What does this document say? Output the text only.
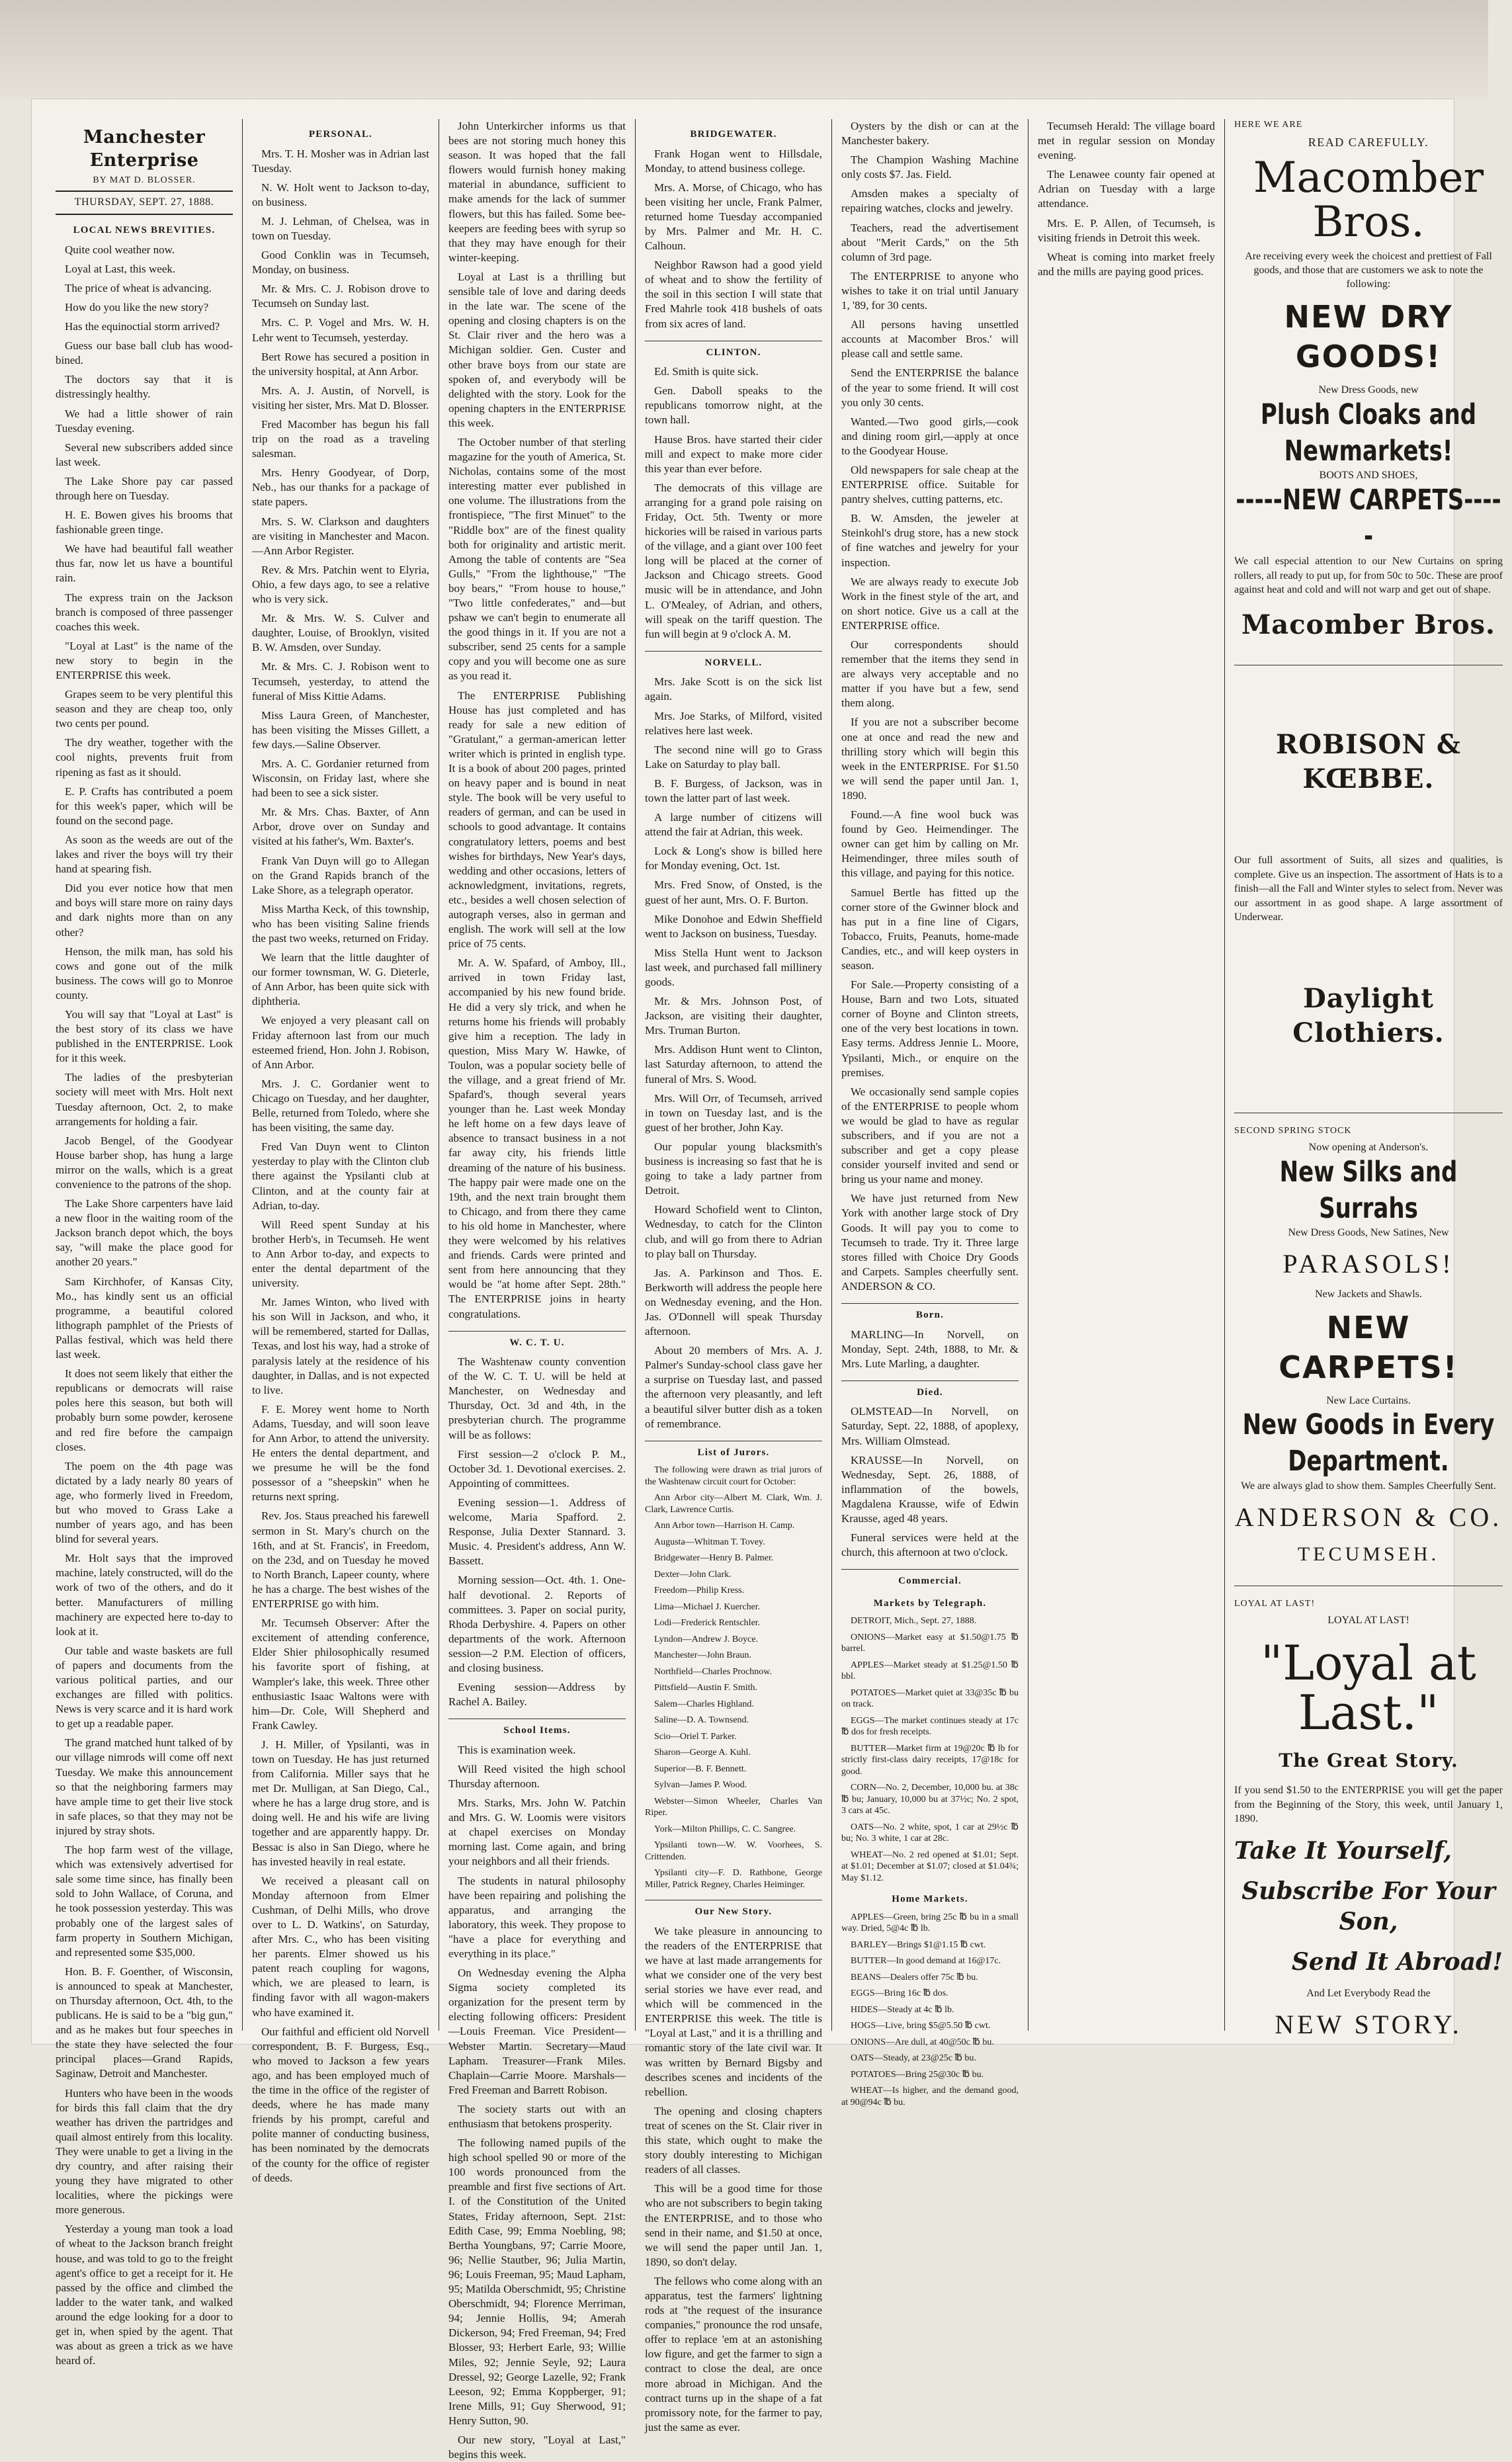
Manchester Enterprise
BY MAT D. BLOSSER.
THURSDAY, SEPT. 27, 1888.
LOCAL NEWS BREVITIES.

Quite cool weather now.

Loyal at Last, this week.

The price of wheat is advancing.

How do you like the new story?

Has the equinoctial storm arrived?

Guess our base ball club has wood-bined.

The doctors say that it is distressingly healthy.

We had a little shower of rain Tuesday evening.

Several new subscribers added since last week.

The Lake Shore pay car passed through here on Tuesday.

H. E. Bowen gives his brooms that fashionable green tinge.

We have had beautiful fall weather thus far, now let us have a bountiful rain.

The express train on the Jackson branch is composed of three passenger coaches this week.

"Loyal at Last" is the name of the new story to begin in the ENTERPRISE this week.

Grapes seem to be very plentiful this season and they are cheap too, only two cents per pound.

The dry weather, together with the cool nights, prevents fruit from ripening as fast as it should.

E. P. Crafts has contributed a poem for this week's paper, which will be found on the second page.

As soon as the weeds are out of the lakes and river the boys will try their hand at spearing fish.

Did you ever notice how that men and boys will stare more on rainy days and dark nights more than on any other?

Henson, the milk man, has sold his cows and gone out of the milk business. The cows will go to Monroe county.

You will say that "Loyal at Last" is the best story of its class we have published in the ENTERPRISE. Look for it this week.

The ladies of the presbyterian society will meet with Mrs. Holt next Tuesday afternoon, Oct. 2, to make arrangements for holding a fair.

Jacob Bengel, of the Goodyear House barber shop, has hung a large mirror on the walls, which is a great convenience to the patrons of the shop.

The Lake Shore carpenters have laid a new floor in the waiting room of the Jackson branch depot which, the boys say, "will make the place good for another 20 years."

Sam Kirchhofer, of Kansas City, Mo., has kindly sent us an official programme, a beautiful colored lithograph pamphlet of the Priests of Pallas festival, which was held there last week.

It does not seem likely that either the republicans or democrats will raise poles here this season, but both will probably burn some powder, kerosene and red fire before the campaign closes.

The poem on the 4th page was dictated by a lady nearly 80 years of age, who formerly lived in Freedom, but who moved to Grass Lake a number of years ago, and has been blind for several years.

Mr. Holt says that the improved machine, lately constructed, will do the work of two of the others, and do it better. Manufacturers of milling machinery are expected here to-day to look at it.

Our table and waste baskets are full of papers and documents from the various political parties, and our exchanges are filled with politics. News is very scarce and it is hard work to get up a readable paper.

The grand matched hunt talked of by our village nimrods will come off next Tuesday. We make this announcement so that the neighboring farmers may have ample time to get their live stock in safe places, so that they may not be injured by stray shots.

The hop farm west of the village, which was extensively advertised for sale some time since, has finally been sold to John Wallace, of Coruna, and he took possession yesterday. This was probably one of the largest sales of farm property in Southern Michigan, and represented some $35,000.

Hon. B. F. Goenther, of Wisconsin, is announced to speak at Manchester, on Thursday afternoon, Oct. 4th, to the publicans. He is said to be a "big gun," and as he makes but four speeches in the state they have selected the four principal places—Grand Rapids, Saginaw, Detroit and Manchester.

Hunters who have been in the woods for birds this fall claim that the dry weather has driven the partridges and quail almost entirely from this locality. They were unable to get a living in the dry country, and after raising their young they have migrated to other localities, where the pickings were more generous.

Yesterday a young man took a load of wheat to the Jackson branch freight house, and was told to go to the freight agent's office to get a receipt for it. He passed by the office and climbed the ladder to the water tank, and walked around the edge looking for a door to get in, when spied by the agent. That was about as green a trick as we have heard of.

PERSONAL.

Mrs. T. H. Mosher was in Adrian last Tuesday.

N. W. Holt went to Jackson to-day, on business.

M. J. Lehman, of Chelsea, was in town on Tuesday.

Good Conklin was in Tecumseh, Monday, on business.

Mr. & Mrs. C. J. Robison drove to Tecumseh on Sunday last.

Mrs. C. P. Vogel and Mrs. W. H. Lehr went to Tecumseh, yesterday.

Bert Rowe has secured a position in the university hospital, at Ann Arbor.

Mrs. A. J. Austin, of Norvell, is visiting her sister, Mrs. Mat D. Blosser.

Fred Macomber has begun his fall trip on the road as a traveling salesman.

Mrs. Henry Goodyear, of Dorp, Neb., has our thanks for a package of state papers.

Mrs. S. W. Clarkson and daughters are visiting in Manchester and Macon.—Ann Arbor Register.

Rev. & Mrs. Patchin went to Elyria, Ohio, a few days ago, to see a relative who is very sick.

Mr. & Mrs. W. S. Culver and daughter, Louise, of Brooklyn, visited B. W. Amsden, over Sunday.

Mr. & Mrs. C. J. Robison went to Tecumseh, yesterday, to attend the funeral of Miss Kittie Adams.

Miss Laura Green, of Manchester, has been visiting the Misses Gillett, a few days.—Saline Observer.

Mrs. A. C. Gordanier returned from Wisconsin, on Friday last, where she had been to see a sick sister.

Mr. & Mrs. Chas. Baxter, of Ann Arbor, drove over on Sunday and visited at his father's, Wm. Baxter's.

Frank Van Duyn will go to Allegan on the Grand Rapids branch of the Lake Shore, as a telegraph operator.

Miss Martha Keck, of this township, who has been visiting Saline friends the past two weeks, returned on Friday.

We learn that the little daughter of our former townsman, W. G. Dieterle, of Ann Arbor, has been quite sick with diphtheria.

We enjoyed a very pleasant call on Friday afternoon last from our much esteemed friend, Hon. John J. Robison, of Ann Arbor.

Mrs. J. C. Gordanier went to Chicago on Tuesday, and her daughter, Belle, returned from Toledo, where she has been visiting, the same day.

Fred Van Duyn went to Clinton yesterday to play with the Clinton club there against the Ypsilanti club at Clinton, and at the county fair at Adrian, to-day.

Will Reed spent Sunday at his brother Herb's, in Tecumseh. He went to Ann Arbor to-day, and expects to enter the dental department of the university.

Mr. James Winton, who lived with his son Will in Jackson, and who, it will be remembered, started for Dallas, Texas, and lost his way, had a stroke of paralysis lately at the residence of his daughter, in Dallas, and is not expected to live.

F. E. Morey went home to North Adams, Tuesday, and will soon leave for Ann Arbor, to attend the university. He enters the dental department, and we presume he will be the fond possessor of a "sheepskin" when he returns next spring.

Rev. Jos. Staus preached his farewell sermon in St. Mary's church on the 16th, and at St. Francis', in Freedom, on the 23d, and on Tuesday he moved to North Branch, Lapeer county, where he has a charge. The best wishes of the ENTERPRISE go with him.

Mr. Tecumseh Observer: After the excitement of attending conference, Elder Shier philosophically resumed his favorite sport of fishing, at Wampler's lake, this week. Three other enthusiastic Isaac Waltons were with him—Dr. Cole, Will Shepherd and Frank Cawley.

J. H. Miller, of Ypsilanti, was in town on Tuesday. He has just returned from California. Miller says that he met Dr. Mulligan, at San Diego, Cal., where he has a large drug store, and is doing well. He and his wife are living together and are apparently happy. Dr. Bessac is also in San Diego, where he has invested heavily in real estate.

We received a pleasant call on Monday afternoon from Elmer Cushman, of Delhi Mills, who drove over to L. D. Watkins', on Saturday, after Mrs. C., who has been visiting her parents. Elmer showed us his patent reach coupling for wagons, which, we are pleased to learn, is finding favor with all wagon-makers who have examined it.

Our faithful and efficient old Norvell correspondent, B. F. Burgess, Esq., who moved to Jackson a few years ago, and has been employed much of the time in the office of the register of deeds, where he has made many friends by his prompt, careful and polite manner of conducting business, has been nominated by the democrats of the county for the office of register of deeds.

John Unterkircher informs us that bees are not storing much honey this season. It was hoped that the fall flowers would furnish honey making material in abundance, sufficient to make amends for the lack of summer flowers, but this has failed. Some bee-keepers are feeding bees with syrup so that they may have enough for their winter-keeping.

Loyal at Last is a thrilling but sensible tale of love and daring deeds in the late war. The scene of the opening and closing chapters is on the St. Clair river and the hero was a Michigan soldier. Gen. Custer and other brave boys from our state are spoken of, and everybody will be delighted with the story. Look for the opening chapters in the ENTERPRISE this week.

The October number of that sterling magazine for the youth of America, St. Nicholas, contains some of the most interesting matter ever published in one volume. The illustrations from the frontispiece, "The first Minuet" to the "Riddle box" are of the finest quality both for originality and artistic merit. Among the table of contents are "Sea Gulls," "From the lighthouse," "The boy bears," "From house to house," "Two little confederates," and—but pshaw we can't begin to enumerate all the good things in it. If you are not a subscriber, send 25 cents for a sample copy and you will become one as sure as you read it.

The ENTERPRISE Publishing House has just completed and has ready for sale a new edition of "Gratulant," a german-american letter writer which is printed in english type. It is a book of about 200 pages, printed on heavy paper and is bound in neat style. The book will be very useful to readers of german, and can be used in schools to good advantage. It contains congratulatory letters, poems and best wishes for birthdays, New Year's days, wedding and other occasions, letters of acknowledgment, invitations, regrets, etc., besides a well chosen selection of autograph verses, also in german and english. The work will sell at the low price of 75 cents.

Mr. A. W. Spafard, of Amboy, Ill., arrived in town Friday last, accompanied by his new found bride. He did a very sly trick, and when he returns home his friends will probably give him a reception. The lady in question, Miss Mary W. Hawke, of Toulon, was a popular society belle of the village, and a great friend of Mr. Spafard's, though several years younger than he. Last week Monday he left home on a few days leave of absence to transact business in a not far away city, his friends little dreaming of the nature of his business. The happy pair were made one on the 19th, and the next train brought them to Chicago, and from there they came to his old home in Manchester, where they were welcomed by his relatives and friends. Cards were printed and sent from here announcing that they would be "at home after Sept. 28th." The ENTERPRISE joins in hearty congratulations.

W. C. T. U.

The Washtenaw county convention of the W. C. T. U. will be held at Manchester, on Wednesday and Thursday, Oct. 3d and 4th, in the presbyterian church. The programme will be as follows:

First session—2 o'clock P. M., October 3d. 1. Devotional exercises. 2. Appointing of committees.

Evening session—1. Address of welcome, Maria Spafford. 2. Response, Julia Dexter Stannard. 3. Music. 4. President's address, Ann W. Bassett.

Morning session—Oct. 4th. 1. One-half devotional. 2. Reports of committees. 3. Paper on social purity, Rhoda Derbyshire. 4. Papers on other departments of the work. Afternoon session—2 P.M. Election of officers, and closing business.

Evening session—Address by Rachel A. Bailey.

School Items.

This is examination week.

Will Reed visited the high school Thursday afternoon.

Mrs. Starks, Mrs. John W. Patchin and Mrs. G. W. Loomis were visitors at chapel exercises on Monday morning last. Come again, and bring your neighbors and all their friends.

The students in natural philosophy have been repairing and polishing the apparatus, and arranging the laboratory, this week. They propose to "have a place for everything and everything in its place."

On Wednesday evening the Alpha Sigma society completed its organization for the present term by electing following officers: President—Louis Freeman. Vice President—Webster Martin. Secretary—Maud Lapham. Treasurer—Frank Miles. Chaplain—Carrie Moore. Marshals—Fred Freeman and Barrett Robison.

The society starts out with an enthusiasm that betokens prosperity.

The following named pupils of the high school spelled 90 or more of the 100 words pronounced from the preamble and first five sections of Art. I. of the Constitution of the United States, Friday afternoon, Sept. 21st: Edith Case, 99; Emma Noebling, 98; Bertha Youngbans, 97; Carrie Moore, 96; Nellie Stautber, 96; Julia Martin, 96; Louis Freeman, 95; Maud Lapham, 95; Matilda Oberschmidt, 95; Christine Oberschmidt, 94; Florence Merriman, 94; Jennie Hollis, 94; Amerah Dickerson, 94; Fred Freeman, 94; Fred Blosser, 93; Herbert Earle, 93; Willie Miles, 92; Jennie Seyle, 92; Laura Dressel, 92; George Lazelle, 92; Frank Leeson, 92; Emma Koppberger, 91; Irene Mills, 91; Guy Sherwood, 91; Henry Sutton, 90.

Our new story, "Loyal at Last," begins this week.

BRIDGEWATER.

Frank Hogan went to Hillsdale, Monday, to attend business college.

Mrs. A. Morse, of Chicago, who has been visiting her uncle, Frank Palmer, returned home Tuesday accompanied by Mrs. Palmer and Mr. H. C. Calhoun.

Neighbor Rawson had a good yield of wheat and to show the fertility of the soil in this section I will state that Fred Mahrle took 418 bushels of oats from six acres of land.

CLINTON.

Ed. Smith is quite sick.

Gen. Daboll speaks to the republicans tomorrow night, at the town hall.

Hause Bros. have started their cider mill and expect to make more cider this year than ever before.

The democrats of this village are arranging for a grand pole raising on Friday, Oct. 5th. Twenty or more hickories will be raised in various parts of the village, and a giant over 100 feet long will be placed at the corner of Jackson and Chicago streets. Good music will be in attendance, and John L. O'Mealey, of Adrian, and others, will speak on the tariff question. The fun will begin at 9 o'clock A. M.

NORVELL.

Mrs. Jake Scott is on the sick list again.

Mrs. Joe Starks, of Milford, visited relatives here last week.

The second nine will go to Grass Lake on Saturday to play ball.

B. F. Burgess, of Jackson, was in town the latter part of last week.

A large number of citizens will attend the fair at Adrian, this week.

Lock & Long's show is billed here for Monday evening, Oct. 1st.

Mrs. Fred Snow, of Onsted, is the guest of her aunt, Mrs. O. F. Burton.

Mike Donohoe and Edwin Sheffield went to Jackson on business, Tuesday.

Miss Stella Hunt went to Jackson last week, and purchased fall millinery goods.

Mr. & Mrs. Johnson Post, of Jackson, are visiting their daughter, Mrs. Truman Burton.

Mrs. Addison Hunt went to Clinton, last Saturday afternoon, to attend the funeral of Mrs. S. Wood.

Mrs. Will Orr, of Tecumseh, arrived in town on Tuesday last, and is the guest of her brother, John Kay.

Our popular young blacksmith's business is increasing so fast that he is going to take a lady partner from Detroit.

Howard Schofield went to Clinton, Wednesday, to catch for the Clinton club, and will go from there to Adrian to play ball on Thursday.

Jas. A. Parkinson and Thos. E. Berkworth will address the people here on Wednesday evening, and the Hon. Jas. O'Donnell will speak Thursday afternoon.

About 20 members of Mrs. A. J. Palmer's Sunday-school class gave her a surprise on Tuesday last, and passed the afternoon very pleasantly, and left a beautiful silver butter dish as a token of remembrance.

List of Jurors.

The following were drawn as trial jurors of the Washtenaw circuit court for October:

Ann Arbor city—Albert M. Clark, Wm. J. Clark, Lawrence Curtis.

Ann Arbor town—Harrison H. Camp.

Augusta—Whitman T. Tovey.

Bridgewater—Henry B. Palmer.

Dexter—John Clark.

Freedom—Philip Kress.

Lima—Michael J. Kuercher.

Lodi—Frederick Rentschler.

Lyndon—Andrew J. Boyce.

Manchester—John Braun.

Northfield—Charles Prochnow.

Pittsfield—Austin F. Smith.

Salem—Charles Highland.

Saline—D. A. Townsend.

Scio—Oriel T. Parker.

Sharon—George A. Kuhl.

Superior—B. F. Bennett.

Sylvan—James P. Wood.

Webster—Simon Wheeler, Charles Van Riper.

York—Milton Phillips, C. C. Sangree.

Ypsilanti town—W. W. Voorhees, S. Crittenden.

Ypsilanti city—F. D. Rathbone, George Miller, Patrick Regney, Charles Heiminger.

Our New Story.

We take pleasure in announcing to the readers of the ENTERPRISE that we have at last made arrangements for what we consider one of the very best serial stories we have ever read, and which will be commenced in the ENTERPRISE this week. The title is "Loyal at Last," and it is a thrilling and romantic story of the late civil war. It was written by Bernard Bigsby and describes scenes and incidents of the rebellion.

The opening and closing chapters treat of scenes on the St. Clair river in this state, which ought to make the story doubly interesting to Michigan readers of all classes.

This will be a good time for those who are not subscribers to begin taking the ENTERPRISE, and to those who send in their name, and $1.50 at once, we will send the paper until Jan. 1, 1890, so don't delay.

The fellows who come along with an apparatus, test the farmers' lightning rods at "the request of the insurance companies," pronounce the rod unsafe, offer to replace 'em at an astonishing low figure, and get the farmer to sign a contract to close the deal, are once more abroad in Michigan. And the contract turns up in the shape of a fat promissory note, for the farmer to pay, just the same as ever.

Oysters by the dish or can at the Manchester bakery.

The Champion Washing Machine only costs $7. Jas. Field.

Amsden makes a specialty of repairing watches, clocks and jewelry.

Teachers, read the advertisement about "Merit Cards," on the 5th column of 3rd page.

The ENTERPRISE to anyone who wishes to take it on trial until January 1, '89, for 30 cents.

All persons having unsettled accounts at Macomber Bros.' will please call and settle same.

Send the ENTERPRISE the balance of the year to some friend. It will cost you only 30 cents.

Wanted.—Two good girls,—cook and dining room girl,—apply at once to the Goodyear House.

Old newspapers for sale cheap at the ENTERPRISE office. Suitable for pantry shelves, cutting patterns, etc.

B. W. Amsden, the jeweler at Steinkohl's drug store, has a new stock of fine watches and jewelry for your inspection.

We are always ready to execute Job Work in the finest style of the art, and on short notice. Give us a call at the ENTERPRISE office.

Our correspondents should remember that the items they send in are always very acceptable and no matter if you have but a few, send them along.

If you are not a subscriber become one at once and read the new and thrilling story which will begin this week in the ENTERPRISE. For $1.50 we will send the paper until Jan. 1, 1890.

Found.—A fine wool buck was found by Geo. Heimendinger. The owner can get him by calling on Mr. Heimendinger, three miles south of this village, and paying for this notice.

Samuel Bertle has fitted up the corner store of the Gwinner block and has put in a fine line of Cigars, Tobacco, Fruits, Peanuts, home-made Candies, etc., and will keep oysters in season.

For Sale.—Property consisting of a House, Barn and two Lots, situated corner of Boyne and Clinton streets, one of the very best locations in town. Easy terms. Address Jennie L. Moore, Ypsilanti, Mich., or enquire on the premises.

We occasionally send sample copies of the ENTERPRISE to people whom we would be glad to have as regular subscribers, and if you are not a subscriber and get a copy please consider yourself invited and send or bring us your name and money.

We have just returned from New York with another large stock of Dry Goods. It will pay you to come to Tecumseh to trade. Try it. Three large stores filled with Choice Dry Goods and Carpets. Samples cheerfully sent. ANDERSON & CO.

Born.

MARLING—In Norvell, on Monday, Sept. 24th, 1888, to Mr. & Mrs. Lute Marling, a daughter.

Died.

OLMSTEAD—In Norvell, on Saturday, Sept. 22, 1888, of apoplexy, Mrs. William Olmstead.

KRAUSSE—In Norvell, on Wednesday, Sept. 26, 1888, of inflammation of the bowels, Magdalena Krausse, wife of Edwin Krausse, aged 48 years.

Funeral services were held at the church, this afternoon at two o'clock.

Commercial.
Markets by Telegraph.

DETROIT, Mich., Sept. 27, 1888.

ONIONS—Market easy at $1.50@1.75 ℔ barrel.

APPLES—Market steady at $1.25@1.50 ℔ bbl.

POTATOES—Market quiet at 33@35c ℔ bu on track.

EGGS—The market continues steady at 17c ℔ dos for fresh receipts.

BUTTER—Market firm at 19@20c ℔ lb for strictly first-class dairy receipts, 17@18c for good.

CORN—No. 2, December, 10,000 bu. at 38c ℔ bu; January, 10,000 bu at 37½c; No. 2 spot, 3 cars at 45c.

OATS—No. 2 white, spot, 1 car at 29½c ℔ bu; No. 3 white, 1 car at 28c.

WHEAT—No. 2 red opened at $1.01; Sept. at $1.01; December at $1.07; closed at $1.04¾; May $1.12.

Home Markets.

APPLES—Green, bring 25c ℔ bu in a small way. Dried, 5@4c ℔ lb.

BARLEY—Brings $1@1.15 ℔ cwt.

BUTTER—In good demand at 16@17c.

BEANS—Dealers offer 75c ℔ bu.

EGGS—Bring 16c ℔ dos.

HIDES—Steady at 4c ℔ lb.

HOGS—Live, bring $5@5.50 ℔ cwt.

ONIONS—Are dull, at 40@50c ℔ bu.

OATS—Steady, at 23@25c ℔ bu.

POTATOES—Bring 25@30c ℔ bu.

WHEAT—Is higher, and the demand good, at 90@94c ℔ bu.

Tecumseh Herald: The village board met in regular session on Monday evening.

The Lenawee county fair opened at Adrian on Tuesday with a large attendance.

Mrs. E. P. Allen, of Tecumseh, is visiting friends in Detroit this week.

Wheat is coming into market freely and the mills are paying good prices.

HERE WE ARE
READ CAREFULLY.
Macomber Bros.
Are receiving every week the choicest and prettiest of Fall goods, and those that are customers we ask to note the following:
NEW DRY GOODS!
New Dress Goods, new
Plush Cloaks and Newmarkets!
BOOTS AND SHOES,
-----NEW CARPETS-----
We call especial attention to our New Curtains on spring rollers, all ready to put up, for from 50c to 50c. These are proof against heat and cold and will not warp and get out of shape.
Macomber Bros.
ROBISON & KŒBBE.
Our full assortment of Suits, all sizes and qualities, is complete. Give us an inspection. The assortment of Hats is to a finish—all the Fall and Winter styles to select from. Never was our assortment in as good shape. A large assortment of Underwear.
Daylight Clothiers.
SECOND SPRING STOCK
Now opening at Anderson's.
New Silks and Surrahs
New Dress Goods, New Satines, New
PARASOLS!
New Jackets and Shawls.
NEW CARPETS!
New Lace Curtains.
New Goods in Every Department.
We are always glad to show them. Samples Cheerfully Sent.
ANDERSON & CO.
TECUMSEH.
LOYAL AT LAST!
LOYAL AT LAST!
"Loyal at Last."
The Great Story.
If you send $1.50 to the ENTERPRISE you will get the paper from the Beginning of the Story, this week, until January 1, 1890.
Take It Yourself,
Subscribe For Your Son,
Send It Abroad!
And Let Everybody Read the
NEW STORY.
